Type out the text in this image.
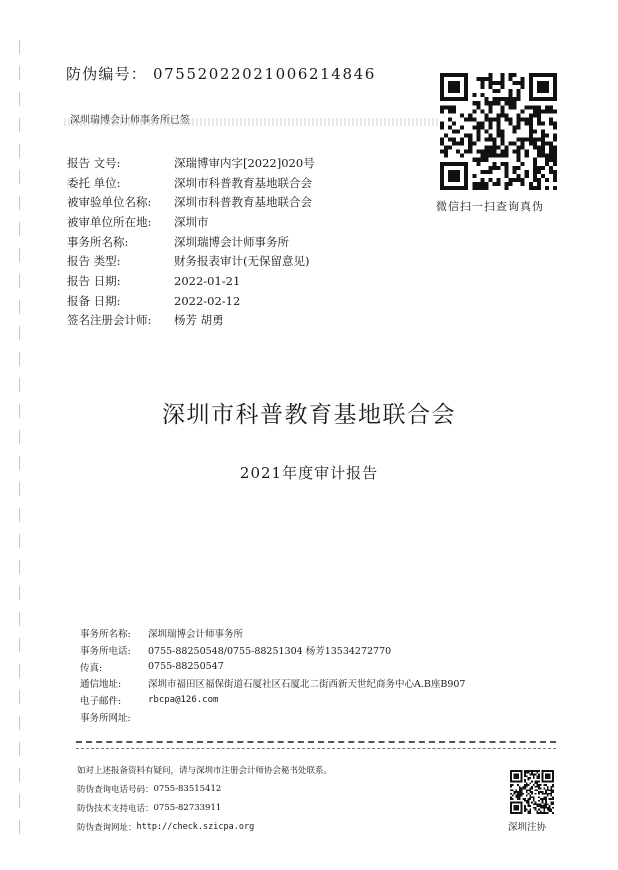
防伪编号： 07552022021006214846
深圳瑞博会计师事务所已签
微信扫一扫查询真伪
报告 文号:	深瑞博审内字[2022]020号
委托 单位:	深圳市科普教育基地联合会
被审验单位名称:	深圳市科普教育基地联合会
被审单位所在地:	深圳市
事务所名称:	深圳瑞博会计师事务所
报告 类型:	财务报表审计(无保留意见)
报告 日期:	2022-01-21
报备 日期:	2022-02-12
签名注册会计师:	杨芳 胡勇
深圳市科普教育基地联合会
2021年度审计报告
事务所名称:	深圳瑞博会计师事务所
事务所电话:	0755-88250548/0755-88251304 杨芳13534272770
传真:	0755-88250547
通信地址:	深圳市福田区福保街道石厦社区石厦北二街西新天世纪商务中心A.B座B907
电子邮件:	rbcpa@126.com
事务所网址:
如对上述报备资料有疑问，请与深圳市注册会计师协会秘书处联系。
防伪查询电话号码： 0755-83515412
防伪技术支持电话： 0755-82733911
防伪查询网址： http://check.szicpa.org	深圳注协
